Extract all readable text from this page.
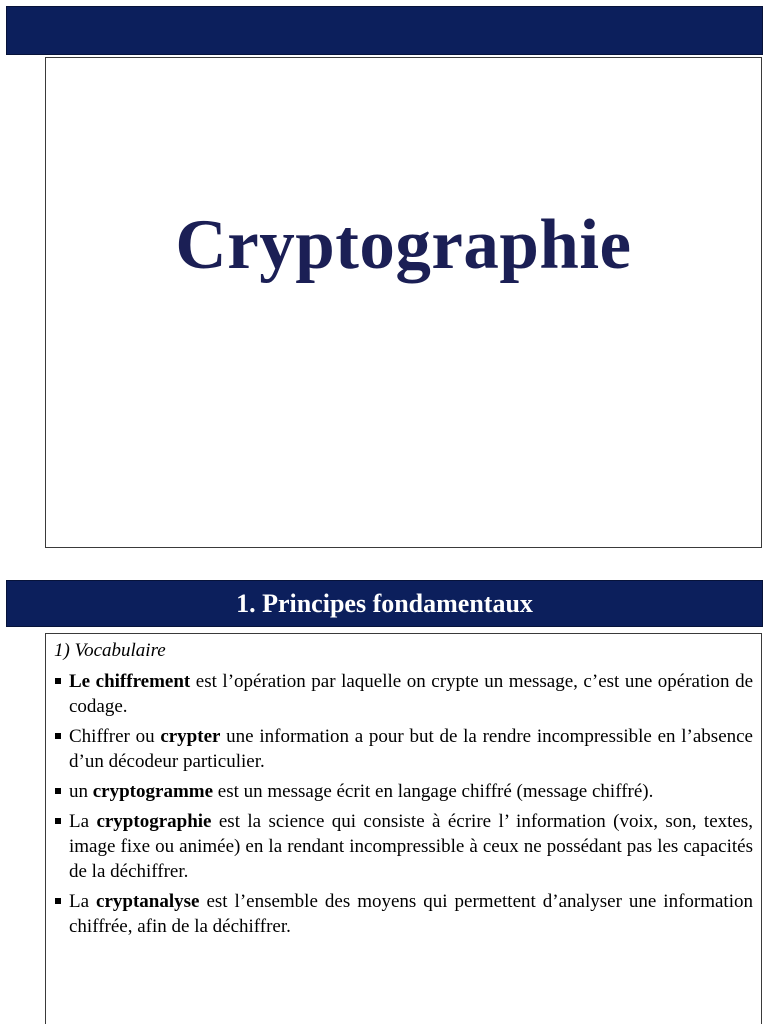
Cryptographie
1. Principes fondamentaux
1) Vocabulaire
Le chiffrement est l’opération par laquelle on crypte un message, c’est une opération de codage.
Chiffrer ou crypter une information a pour but de la rendre incompressible en l’absence d’un décodeur particulier.
un cryptogramme est un message écrit en langage chiffré (message chiffré).
La cryptographie est la science qui consiste à écrire l’ information (voix, son, textes, image fixe ou animée) en la rendant incompressible à ceux ne possédant pas les capacités de la déchiffrer.
La cryptanalyse est l’ensemble des moyens qui permettent d’analyser une information chiffrée, afin de la déchiffrer.
